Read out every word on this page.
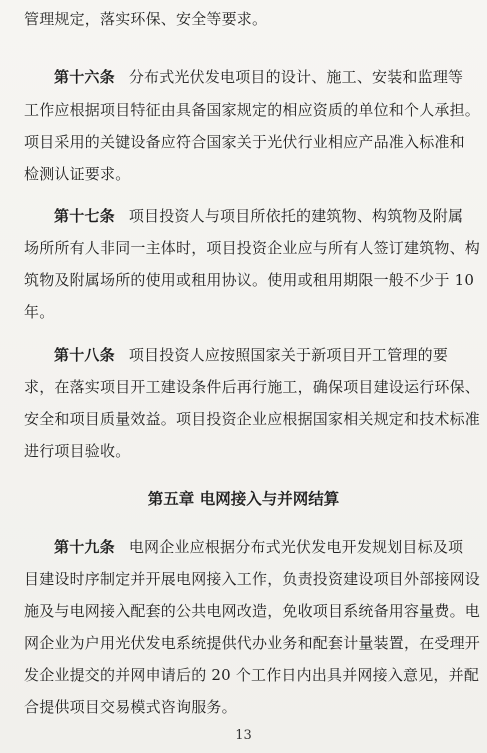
管理规定，落实环保、安全等要求。
第十六条 分布式光伏发电项目的设计、施工、安装和监理等
工作应根据项目特征由具备国家规定的相应资质的单位和个人承担。
项目采用的关键设备应符合国家关于光伏行业相应产品准入标准和
检测认证要求。
第十七条 项目投资人与项目所依托的建筑物、构筑物及附属
场所所有人非同一主体时，项目投资企业应与所有人签订建筑物、构
筑物及附属场所的使用或租用协议。使用或租用期限一般不少于 10
年。
第十八条 项目投资人应按照国家关于新项目开工管理的要
求，在落实项目开工建设条件后再行施工，确保项目建设运行环保、
安全和项目质量效益。项目投资企业应根据国家相关规定和技术标准
进行项目验收。
第五章 电网接入与并网结算
第十九条 电网企业应根据分布式光伏发电开发规划目标及项
目建设时序制定并开展电网接入工作，负责投资建设项目外部接网设
施及与电网接入配套的公共电网改造，免收项目系统备用容量费。电
网企业为户用光伏发电系统提供代办业务和配套计量装置，在受理开
发企业提交的并网申请后的 20 个工作日内出具并网接入意见，并配
合提供项目交易模式咨询服务。
13
